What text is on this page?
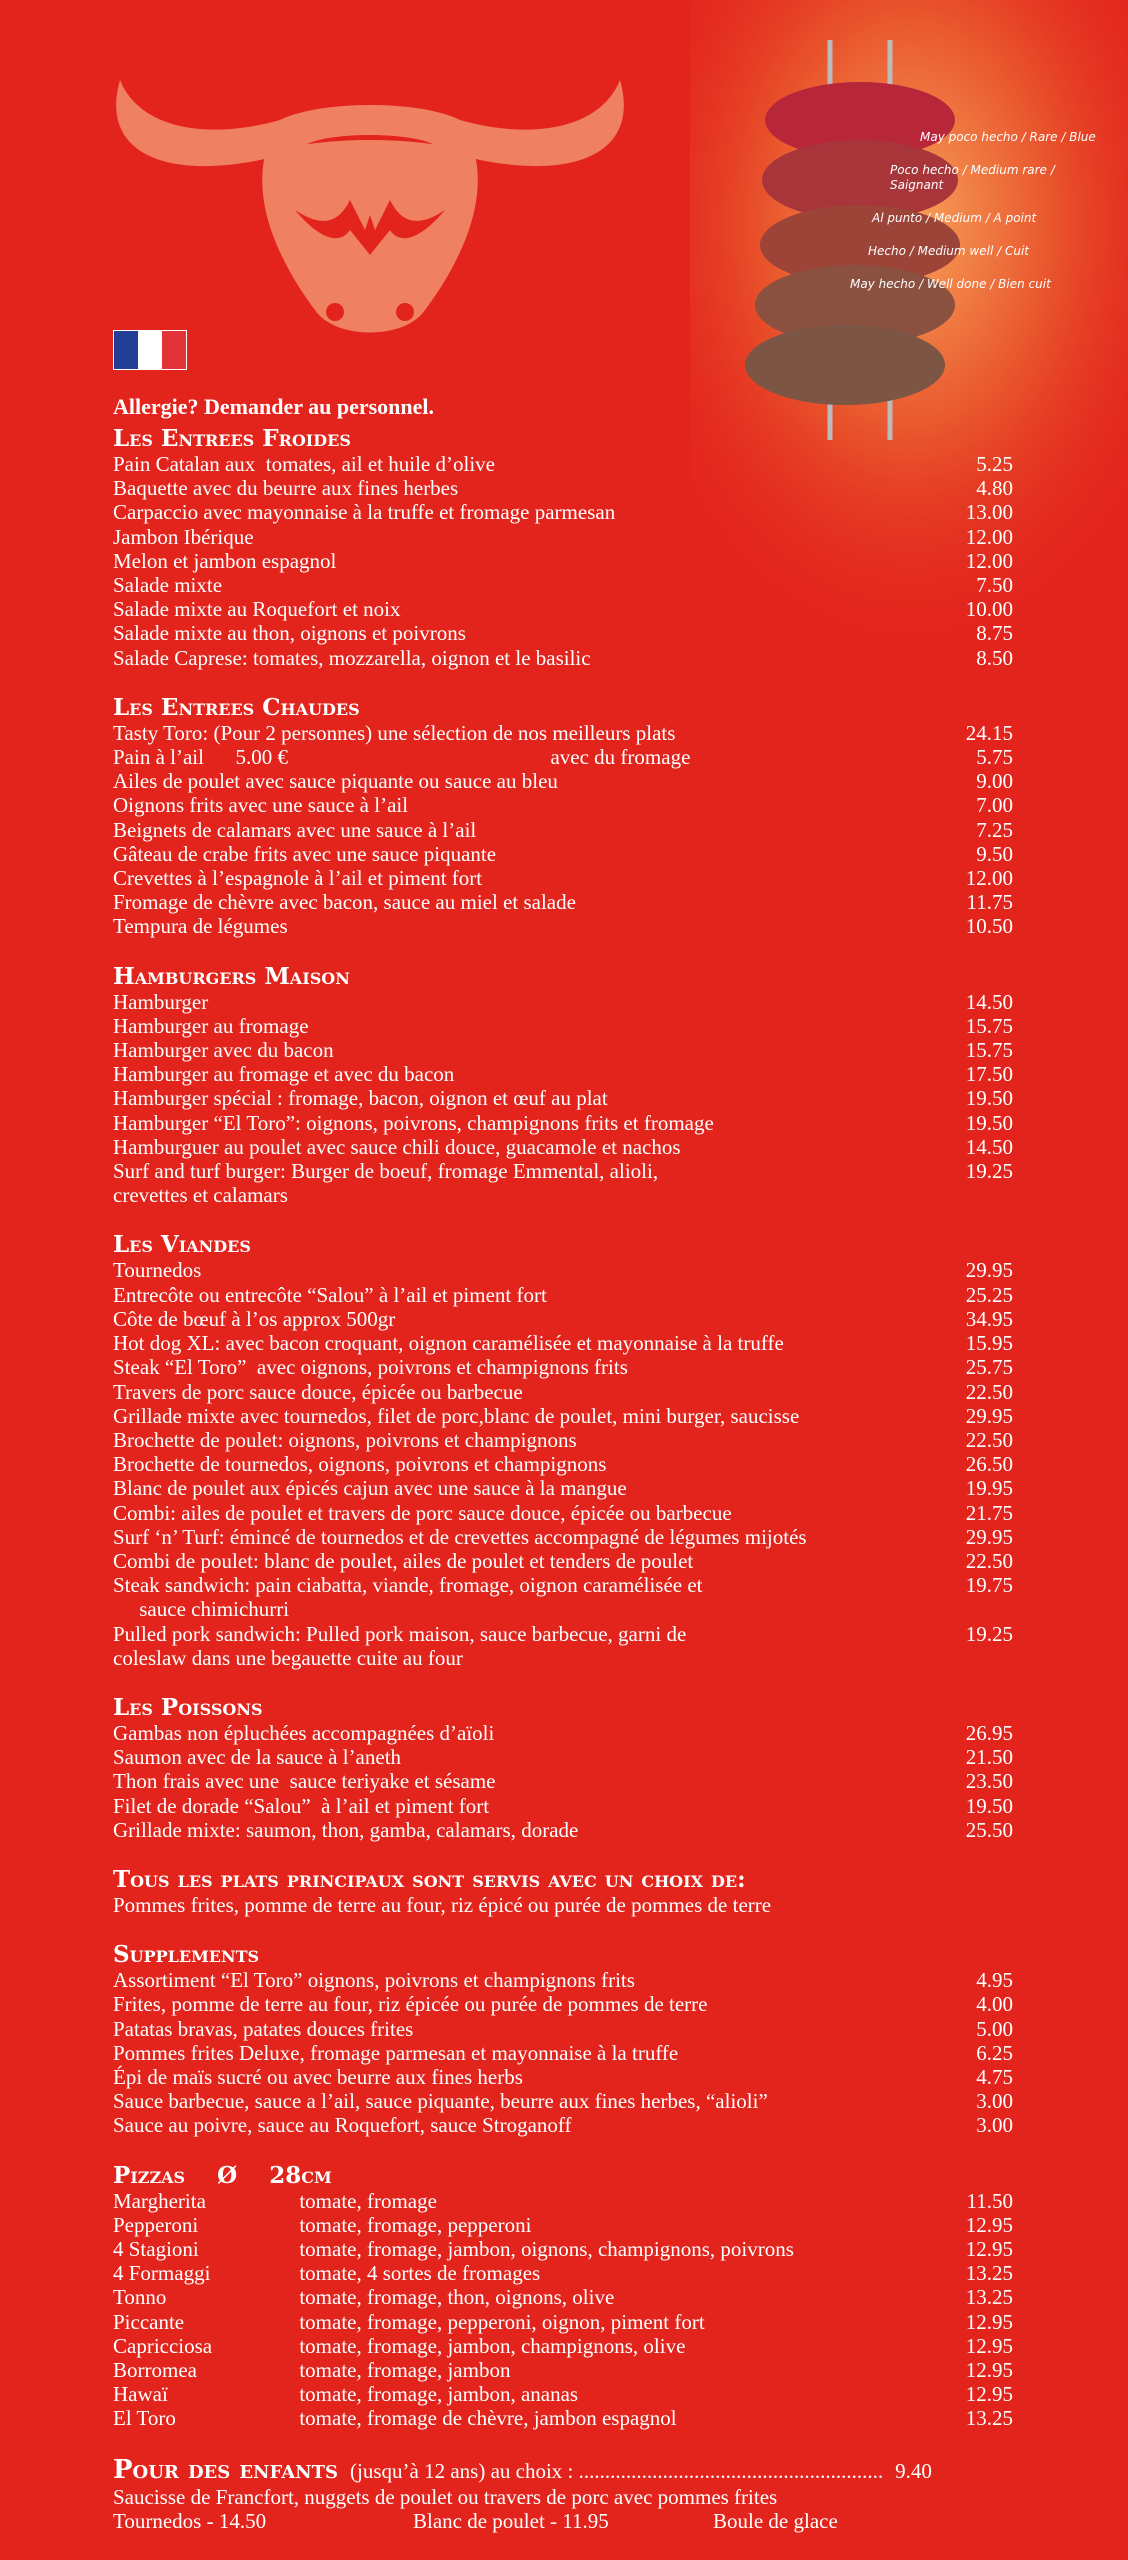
May poco hecho / Rare / Blue
Poco hecho / Medium rare / Saignant
Al punto / Medium / A point
Hecho / Medium well / Cuit
May hecho / Well done / Bien cuit
Allergie? Demander au personnel.
Les Entrees Froides
Pain Catalan aux  tomates, ail et huile d’olive	5.25
Baquette avec du beurre aux fines herbes	4.80
Carpaccio avec mayonnaise à la truffe et fromage parmesan	13.00
Jambon Ibérique	12.00
Melon et jambon espagnol	12.00
Salade mixte	7.50
Salade mixte au Roquefort et noix	10.00
Salade mixte au thon, oignons et poivrons	8.75
Salade Caprese: tomates, mozzarella, oignon et le basilic	8.50
Les Entrees Chaudes
Tasty Toro: (Pour 2 personnes) une sélection de nos meilleurs plats	24.15
Pain à l’ail      5.00 €                                                  avec du fromage	5.75
Ailes de poulet avec sauce piquante ou sauce au bleu	9.00
Oignons frits avec une sauce à l’ail	7.00
Beignets de calamars avec une sauce à l’ail	7.25
Gâteau de crabe frits avec une sauce piquante	9.50
Crevettes à l’espagnole à l’ail et piment fort	12.00
Fromage de chèvre avec bacon, sauce au miel et salade	11.75
Tempura de légumes	10.50
Hamburgers Maison
Hamburger	14.50
Hamburger au fromage	15.75
Hamburger avec du bacon	15.75
Hamburger au fromage et avec du bacon	17.50
Hamburger spécial : fromage, bacon, oignon et œuf au plat	19.50
Hamburger “El Toro”: oignons, poivrons, champignons frits et fromage	19.50
Hamburguer au poulet avec sauce chili douce, guacamole et nachos	14.50
Surf and turf burger: Burger de boeuf, fromage Emmental, alioli,
crevettes et calamars
19.25
Les Viandes
Tournedos	29.95
Entrecôte ou entrecôte “Salou” à l’ail et piment fort	25.25
Côte de bœuf à l’os approx 500gr	34.95
Hot dog XL: avec bacon croquant, oignon caramélisée et mayonnaise à la truffe	15.95
Steak “El Toro”  avec oignons, poivrons et champignons frits	25.75
Travers de porc sauce douce, épicée ou barbecue	22.50
Grillade mixte avec tournedos, filet de porc,blanc de poulet, mini burger, saucisse	29.95
Brochette de poulet: oignons, poivrons et champignons	22.50
Brochette de tournedos, oignons, poivrons et champignons	26.50
Blanc de poulet aux épicés cajun avec une sauce à la mangue	19.95
Combi: ailes de poulet et travers de porc sauce douce, épicée ou barbecue	21.75
Surf ‘n’ Turf: émincé de tournedos et de crevettes accompagné de légumes mijotés	29.95
Combi de poulet: blanc de poulet, ailes de poulet et tenders de poulet	22.50
Steak sandwich: pain ciabatta, viande, fromage, oignon caramélisée et
sauce chimichurri
19.75
Pulled pork sandwich: Pulled pork maison, sauce barbecue, garni de
coleslaw dans une begauette cuite au four
19.25
Les Poissons
Gambas non épluchées accompagnées d’aïoli	26.95
Saumon avec de la sauce à l’aneth	21.50
Thon frais avec une  sauce teriyake et sésame	23.50
Filet de dorade “Salou”  à l’ail et piment fort	19.50
Grillade mixte: saumon, thon, gamba, calamars, dorade	25.50
Tous les plats principaux sont servis avec un choix de:
Pommes frites, pomme de terre au four, riz épicé ou purée de pommes de terre
Supplements
Assortiment “El Toro” oignons, poivrons et champignons frits	4.95
Frites, pomme de terre au four, riz épicée ou purée de pommes de terre	4.00
Patatas bravas, patates douces frites	5.00
Pommes frites Deluxe, fromage parmesan et mayonnaise à la truffe	6.25
Épi de maïs sucré ou avec beurre aux fines herbs	4.75
Sauce barbecue, sauce a l’ail, sauce piquante, beurre aux fines herbes, “alioli”	3.00
Sauce au poivre, sauce au Roquefort, sauce Stroganoff	3.00
Pizzas    Ø    28cm
Margherita	tomate, fromage	11.50
Pepperoni	tomate, fromage, pepperoni	12.95
4 Stagioni	tomate, fromage, jambon, oignons, champignons, poivrons	12.95
4 Formaggi	tomate, 4 sortes de fromages	13.25
Tonno	tomate, fromage, thon, oignons, olive	13.25
Piccante	tomate, fromage, pepperoni, oignon, piment fort	12.95
Capricciosa	tomate, fromage, jambon, champignons, olive	12.95
Borromea	tomate, fromage, jambon	12.95
Hawaï	tomate, fromage, jambon, ananas	12.95
El Toro	tomate, fromage de chèvre, jambon espagnol	13.25
Pour des enfants (jusqu’à 12 ans) au choix : .......................................................... 9.40
Saucisse de Francfort, nuggets de poulet ou travers de porc avec pommes frites
Tournedos - 14.50	Blanc de poulet - 11.95	Boule de glace
